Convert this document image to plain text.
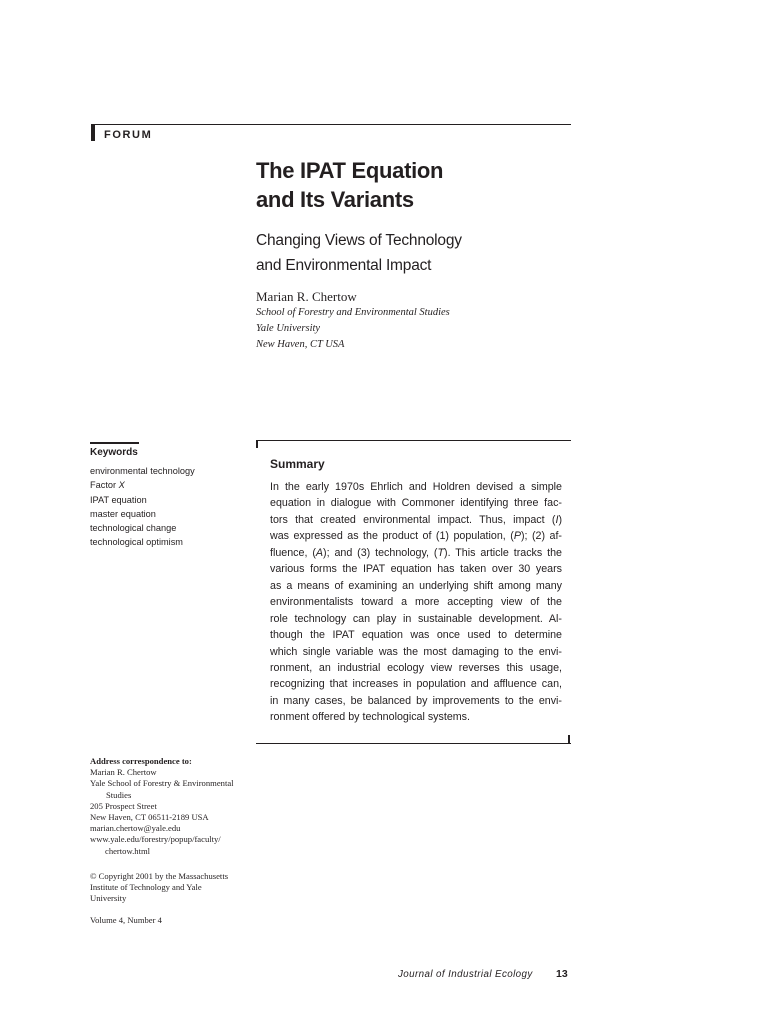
FORUM
The IPAT Equation
and Its Variants
Changing Views of Technology
and Environmental Impact
Marian R. Chertow
School of Forestry and Environmental Studies
Yale University
New Haven, CT USA
Keywords
environmental technology
Factor X
IPAT equation
master equation
technological change
technological optimism
Summary
In the early 1970s Ehrlich and Holdren devised a simple
equation in dialogue with Commoner identifying three fac-
tors that created environmental impact. Thus, impact (I)
was expressed as the product of (1) population, (P); (2) af-
fluence, (A); and (3) technology, (T). This article tracks the
various forms the IPAT equation has taken over 30 years
as a means of examining an underlying shift among many
environmentalists toward a more accepting view of the
role technology can play in sustainable development. Al-
though the IPAT equation was once used to determine
which single variable was the most damaging to the envi-
ronment, an industrial ecology view reverses this usage,
recognizing that increases in population and affluence can,
in many cases, be balanced by improvements to the envi-
ronment offered by technological systems.
Address correspondence to:
Marian R. Chertow
Yale School of Forestry & Environmental
Studies
205 Prospect Street
New Haven, CT 06511-2189 USA
marian.chertow@yale.edu
www.yale.edu/forestry/popup/faculty/
chertow.html
© Copyright 2001 by the Massachusetts
Institute of Technology and Yale
University
Volume 4, Number 4
Journal of Industrial Ecology 13
